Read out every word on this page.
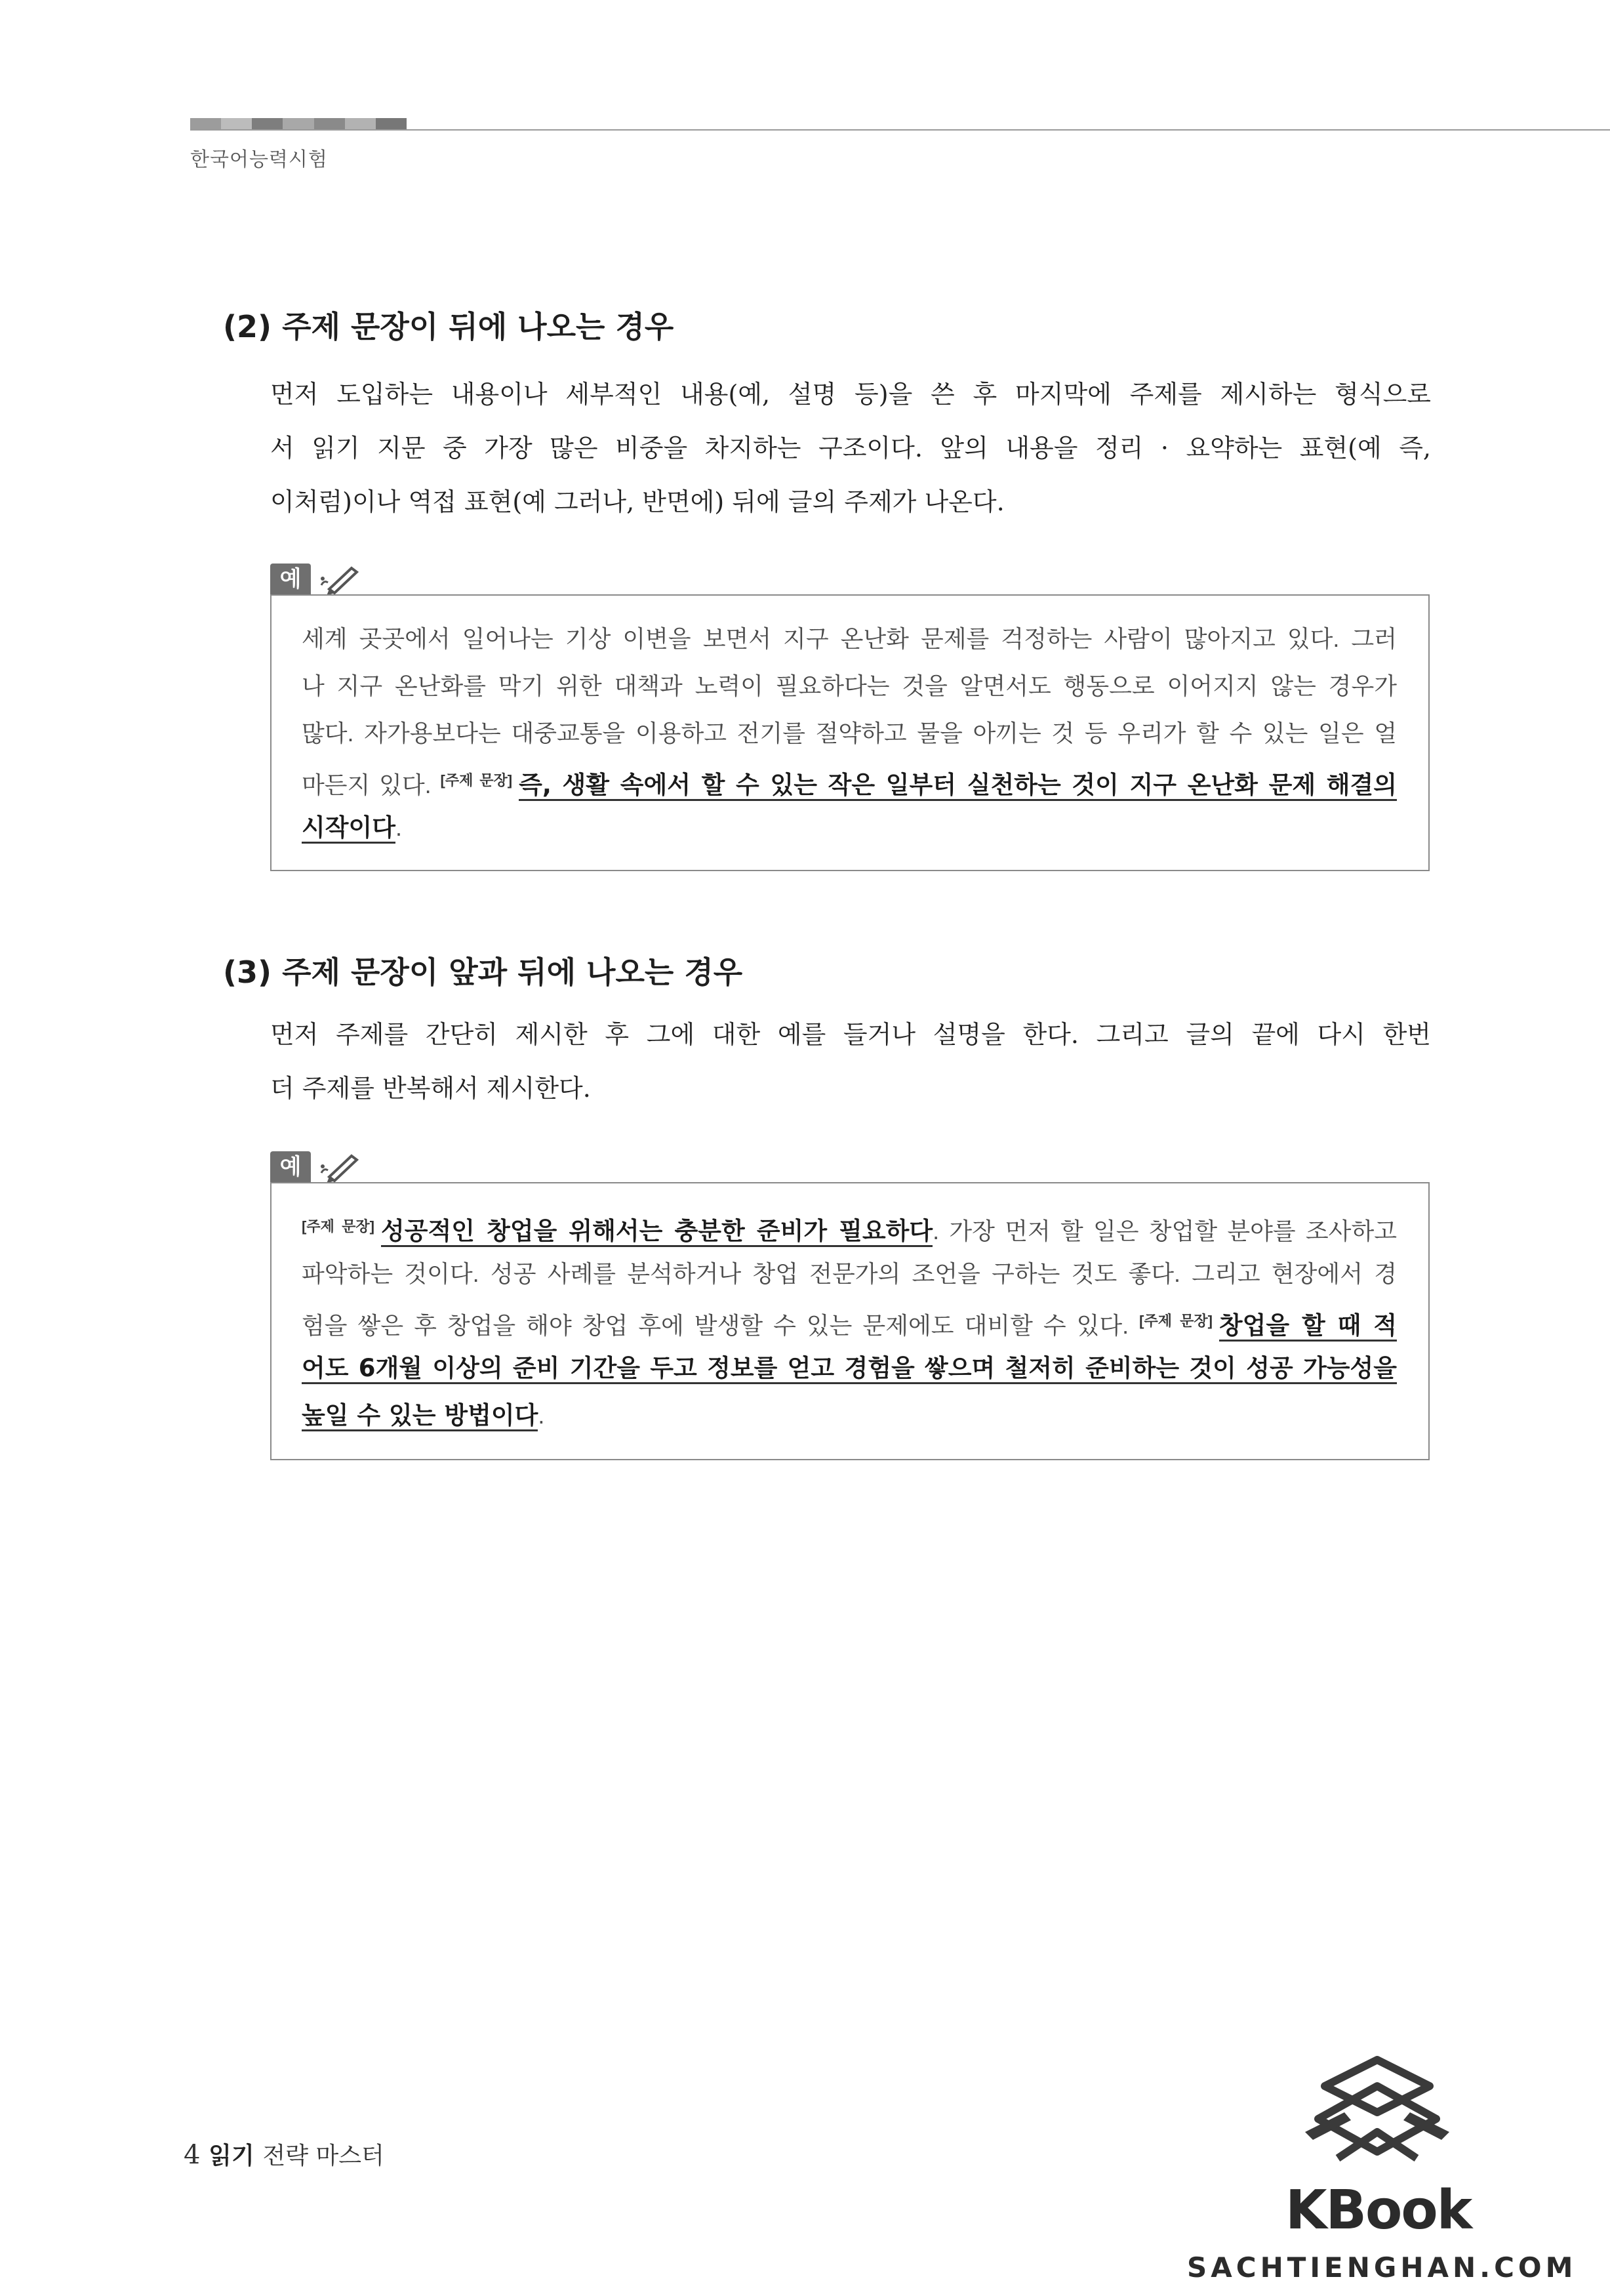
한국어능력시험
(2) 주제 문장이 뒤에 나오는 경우
먼저 도입하는 내용이나 세부적인 내용(예, 설명 등)을 쓴 후 마지막에 주제를 제시하는 형식으로
서 읽기 지문 중 가장 많은 비중을 차지하는 구조이다. 앞의 내용을 정리 · 요약하는 표현(예 즉,
이처럼)이나 역접 표현(예 그러나, 반면에) 뒤에 글의 주제가 나온다.
예
세계 곳곳에서 일어나는 기상 이변을 보면서 지구 온난화 문제를 걱정하는 사람이 많아지고 있다. 그러
나 지구 온난화를 막기 위한 대책과 노력이 필요하다는 것을 알면서도 행동으로 이어지지 않는 경우가
많다. 자가용보다는 대중교통을 이용하고 전기를 절약하고 물을 아끼는 것 등 우리가 할 수 있는 일은 얼
마든지 있다. [주제 문장] 즉, 생활 속에서 할 수 있는 작은 일부터 실천하는 것이 지구 온난화 문제 해결의
시작이다.
(3) 주제 문장이 앞과 뒤에 나오는 경우
먼저 주제를 간단히 제시한 후 그에 대한 예를 들거나 설명을 한다. 그리고 글의 끝에 다시 한번
더 주제를 반복해서 제시한다.
예
[주제 문장] 성공적인 창업을 위해서는 충분한 준비가 필요하다. 가장 먼저 할 일은 창업할 분야를 조사하고
파악하는 것이다. 성공 사례를 분석하거나 창업 전문가의 조언을 구하는 것도 좋다. 그리고 현장에서 경
험을 쌓은 후 창업을 해야 창업 후에 발생할 수 있는 문제에도 대비할 수 있다. [주제 문장] 창업을 할 때 적
어도 6개월 이상의 준비 기간을 두고 정보를 얻고 경험을 쌓으며 철저히 준비하는 것이 성공 가능성을
높일 수 있는 방법이다.
4 읽기 전략 마스터
KBook
SACHTIENGHAN.COM
